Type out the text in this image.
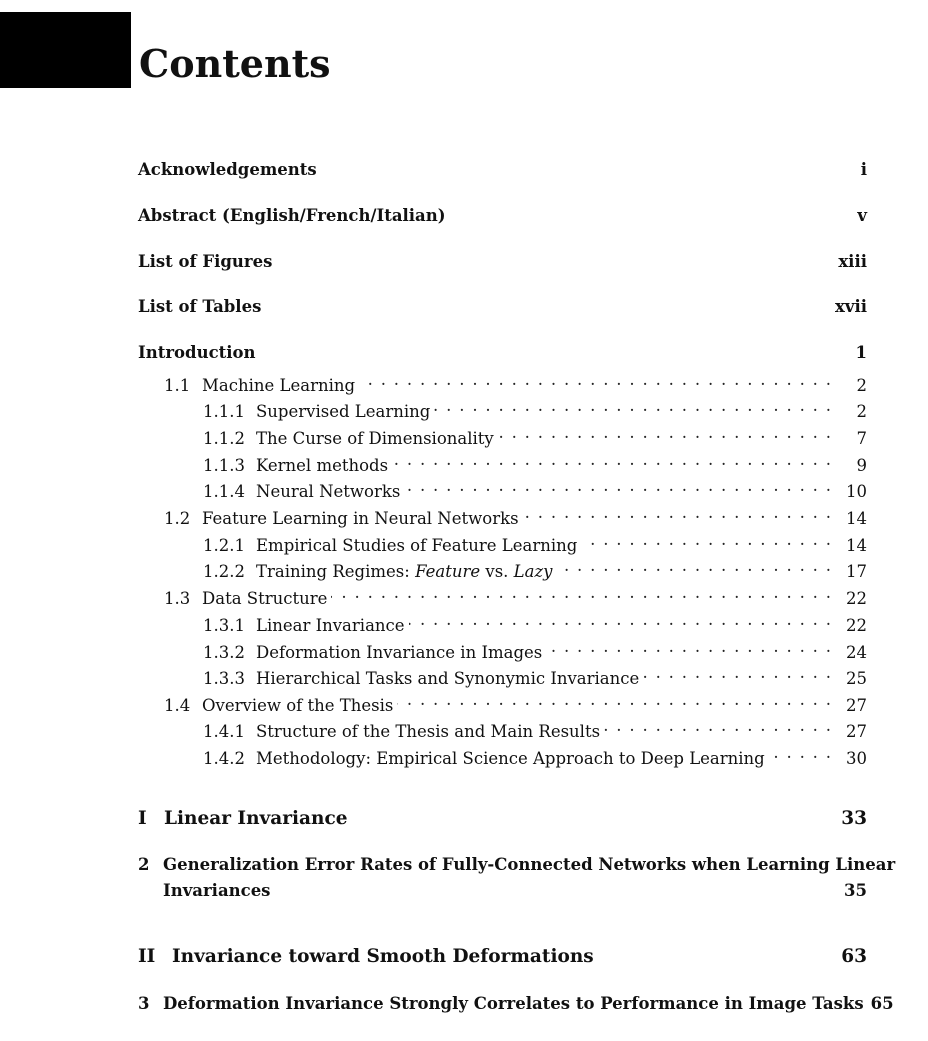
Contents
Acknowledgements	i
Abstract (English/French/Italian)	v
List of Figures	xiii
List of Tables	xvii
Introduction	1
1.1 Machine Learning . . .	2
1.1.1 Supervised Learning . . .	2
1.1.2 The Curse of Dimensionality . . .	7
1.1.3 Kernel methods . . .	9
1.1.4 Neural Networks . . .	10
1.2 Feature Learning in Neural Networks . . .	14
1.2.1 Empirical Studies of Feature Learning . . .	14
1.2.2 Training Regimes: Feature vs. Lazy . . .	17
1.3 Data Structure . . .	22
1.3.1 Linear Invariance . . .	22
1.3.2 Deformation Invariance in Images . . .	24
1.3.3 Hierarchical Tasks and Synonymic Invariance . . .	25
1.4 Overview of the Thesis . . .	27
1.4.1 Structure of the Thesis and Main Results . . .	27
1.4.2 Methodology: Empirical Science Approach to Deep Learning . . .	30
I Linear Invariance	33
2 Generalization Error Rates of Fully-Connected Networks when Learning Linear
Invariances	35
II Invariance toward Smooth Deformations	63
3 Deformation Invariance Strongly Correlates to Performance in Image Tasks 65
